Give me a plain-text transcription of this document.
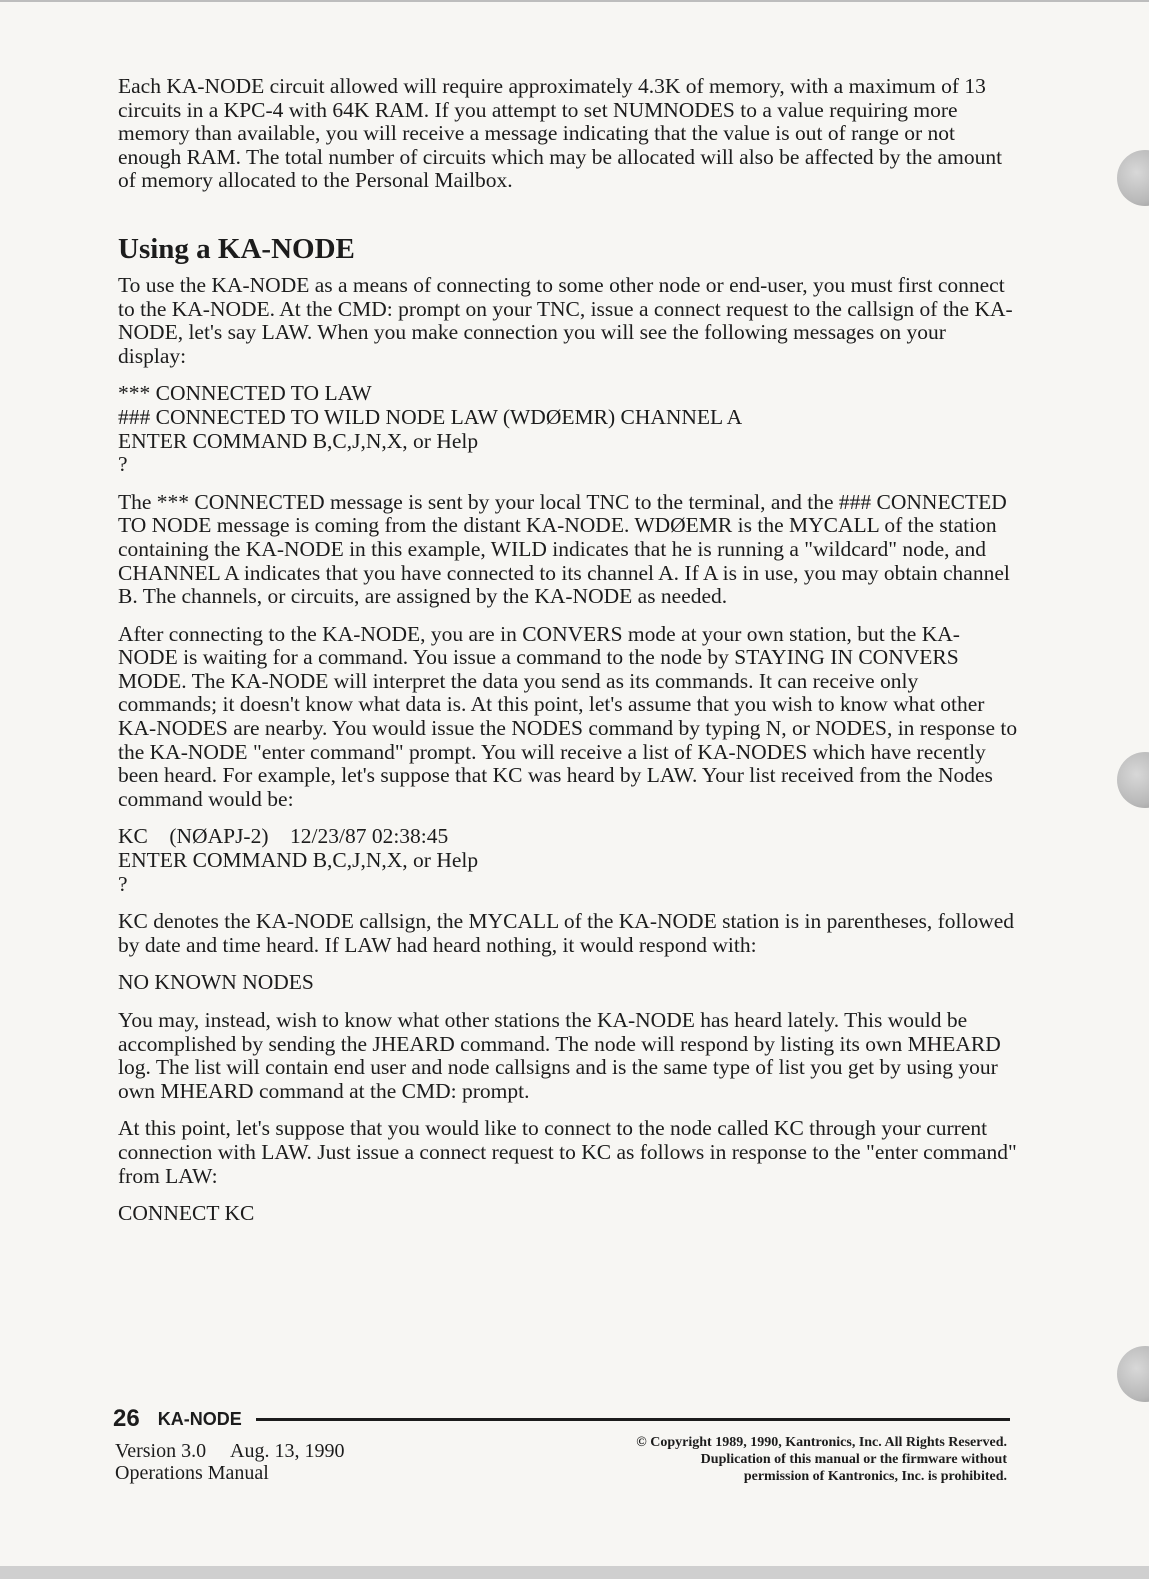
Each KA-NODE circuit allowed will require approximately 4.3K of memory, with a maximum of 13 circuits in a KPC-4 with 64K RAM. If you attempt to set NUMNODES to a value requiring more memory than available, you will receive a message indicating that the value is out of range or not enough RAM. The total number of circuits which may be allocated will also be affected by the amount of memory allocated to the Personal Mailbox.

Using a KA-NODE

To use the KA-NODE as a means of connecting to some other node or end-user, you must first connect to the KA-NODE. At the CMD: prompt on your TNC, issue a connect request to the callsign of the KA-NODE, let's say LAW. When you make connection you will see the following messages on your display:

*** CONNECTED TO LAW
### CONNECTED TO WILD NODE LAW (WDØEMR) CHANNEL A
ENTER COMMAND B,C,J,N,X, or Help
?

The *** CONNECTED message is sent by your local TNC to the terminal, and the ### CONNECTED TO NODE message is coming from the distant KA-NODE. WDØEMR is the MYCALL of the station containing the KA-NODE in this example, WILD indicates that he is running a "wildcard" node, and CHANNEL A indicates that you have connected to its channel A. If A is in use, you may obtain channel B. The channels, or circuits, are assigned by the KA-NODE as needed.

After connecting to the KA-NODE, you are in CONVERS mode at your own station, but the KA-NODE is waiting for a command. You issue a command to the node by STAYING IN CONVERS MODE. The KA-NODE will interpret the data you send as its commands. It can receive only commands; it doesn't know what data is. At this point, let's assume that you wish to know what other KA-NODES are nearby. You would issue the NODES command by typing N, or NODES, in response to the KA-NODE "enter command" prompt. You will receive a list of KA-NODES which have recently been heard. For example, let's suppose that KC was heard by LAW. Your list received from the Nodes command would be:

KC    (NØAPJ-2)    12/23/87 02:38:45
ENTER COMMAND B,C,J,N,X, or Help
?

KC denotes the KA-NODE callsign, the MYCALL of the KA-NODE station is in parentheses, followed by date and time heard. If LAW had heard nothing, it would respond with:

NO KNOWN NODES

You may, instead, wish to know what other stations the KA-NODE has heard lately. This would be accomplished by sending the JHEARD command. The node will respond by listing its own MHEARD log. The list will contain end user and node callsigns and is the same type of list you get by using your own MHEARD command at the CMD: prompt.

At this point, let's suppose that you would like to connect to the node called KC through your current connection with LAW. Just issue a connect request to KC as follows in response to the "enter command" from LAW:

CONNECT KC
26 KA-NODE
Version 3.0     Aug. 13, 1990
Operations Manual
© Copyright 1989, 1990, Kantronics, Inc. All Rights Reserved.
Duplication of this manual or the firmware without
permission of Kantronics, Inc. is prohibited.
